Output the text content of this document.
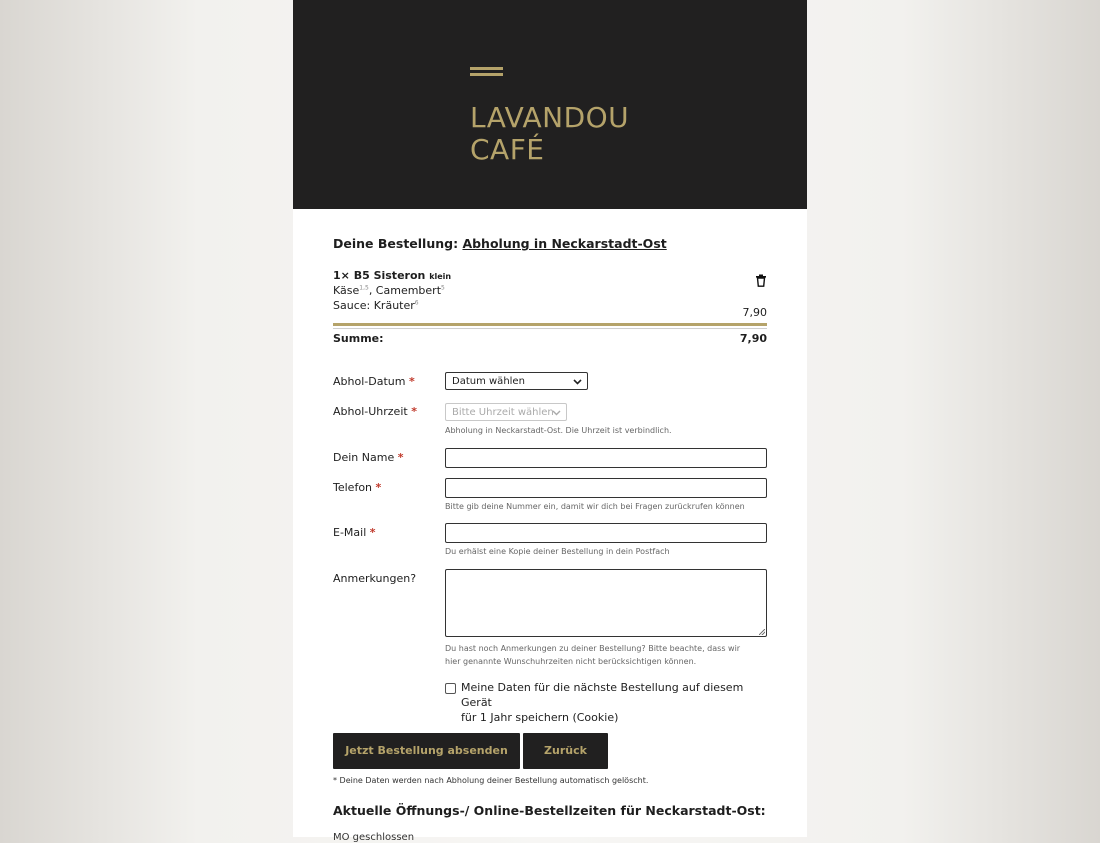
LAVANDOU
CAFÉ
Deine Bestellung: Abholung in Neckarstadt-Ost
1× B5 Sisteron klein
Käse$^{1,5}$, Camembert$^5$
Sauce: Kräuter$^6$
7,90
Summe:	7,90
Abhol-Datum *	Datum wählen
Abhol-Uhrzeit *	Bitte Uhrzeit wählen
Abholung in Neckarstadt-Ost. Die Uhrzeit ist verbindlich.
Dein Name *
Telefon *
Bitte gib deine Nummer ein, damit wir dich bei Fragen zurückrufen können
E-Mail *
Du erhälst eine Kopie deiner Bestellung in dein Postfach
Anmerkungen?
Du hast noch Anmerkungen zu deiner Bestellung? Bitte beachte, dass wir
hier genannte Wunschuhrzeiten nicht berücksichtigen können.
Meine Daten für die nächste Bestellung auf diesem Gerät
für 1 Jahr speichern (Cookie)
Jetzt Bestellung absenden	Zurück
* Deine Daten werden nach Abholung deiner Bestellung automatisch gelöscht.
Aktuelle Öffnungs-/ Online-Bestellzeiten für Neckarstadt-Ost:
MO geschlossen
